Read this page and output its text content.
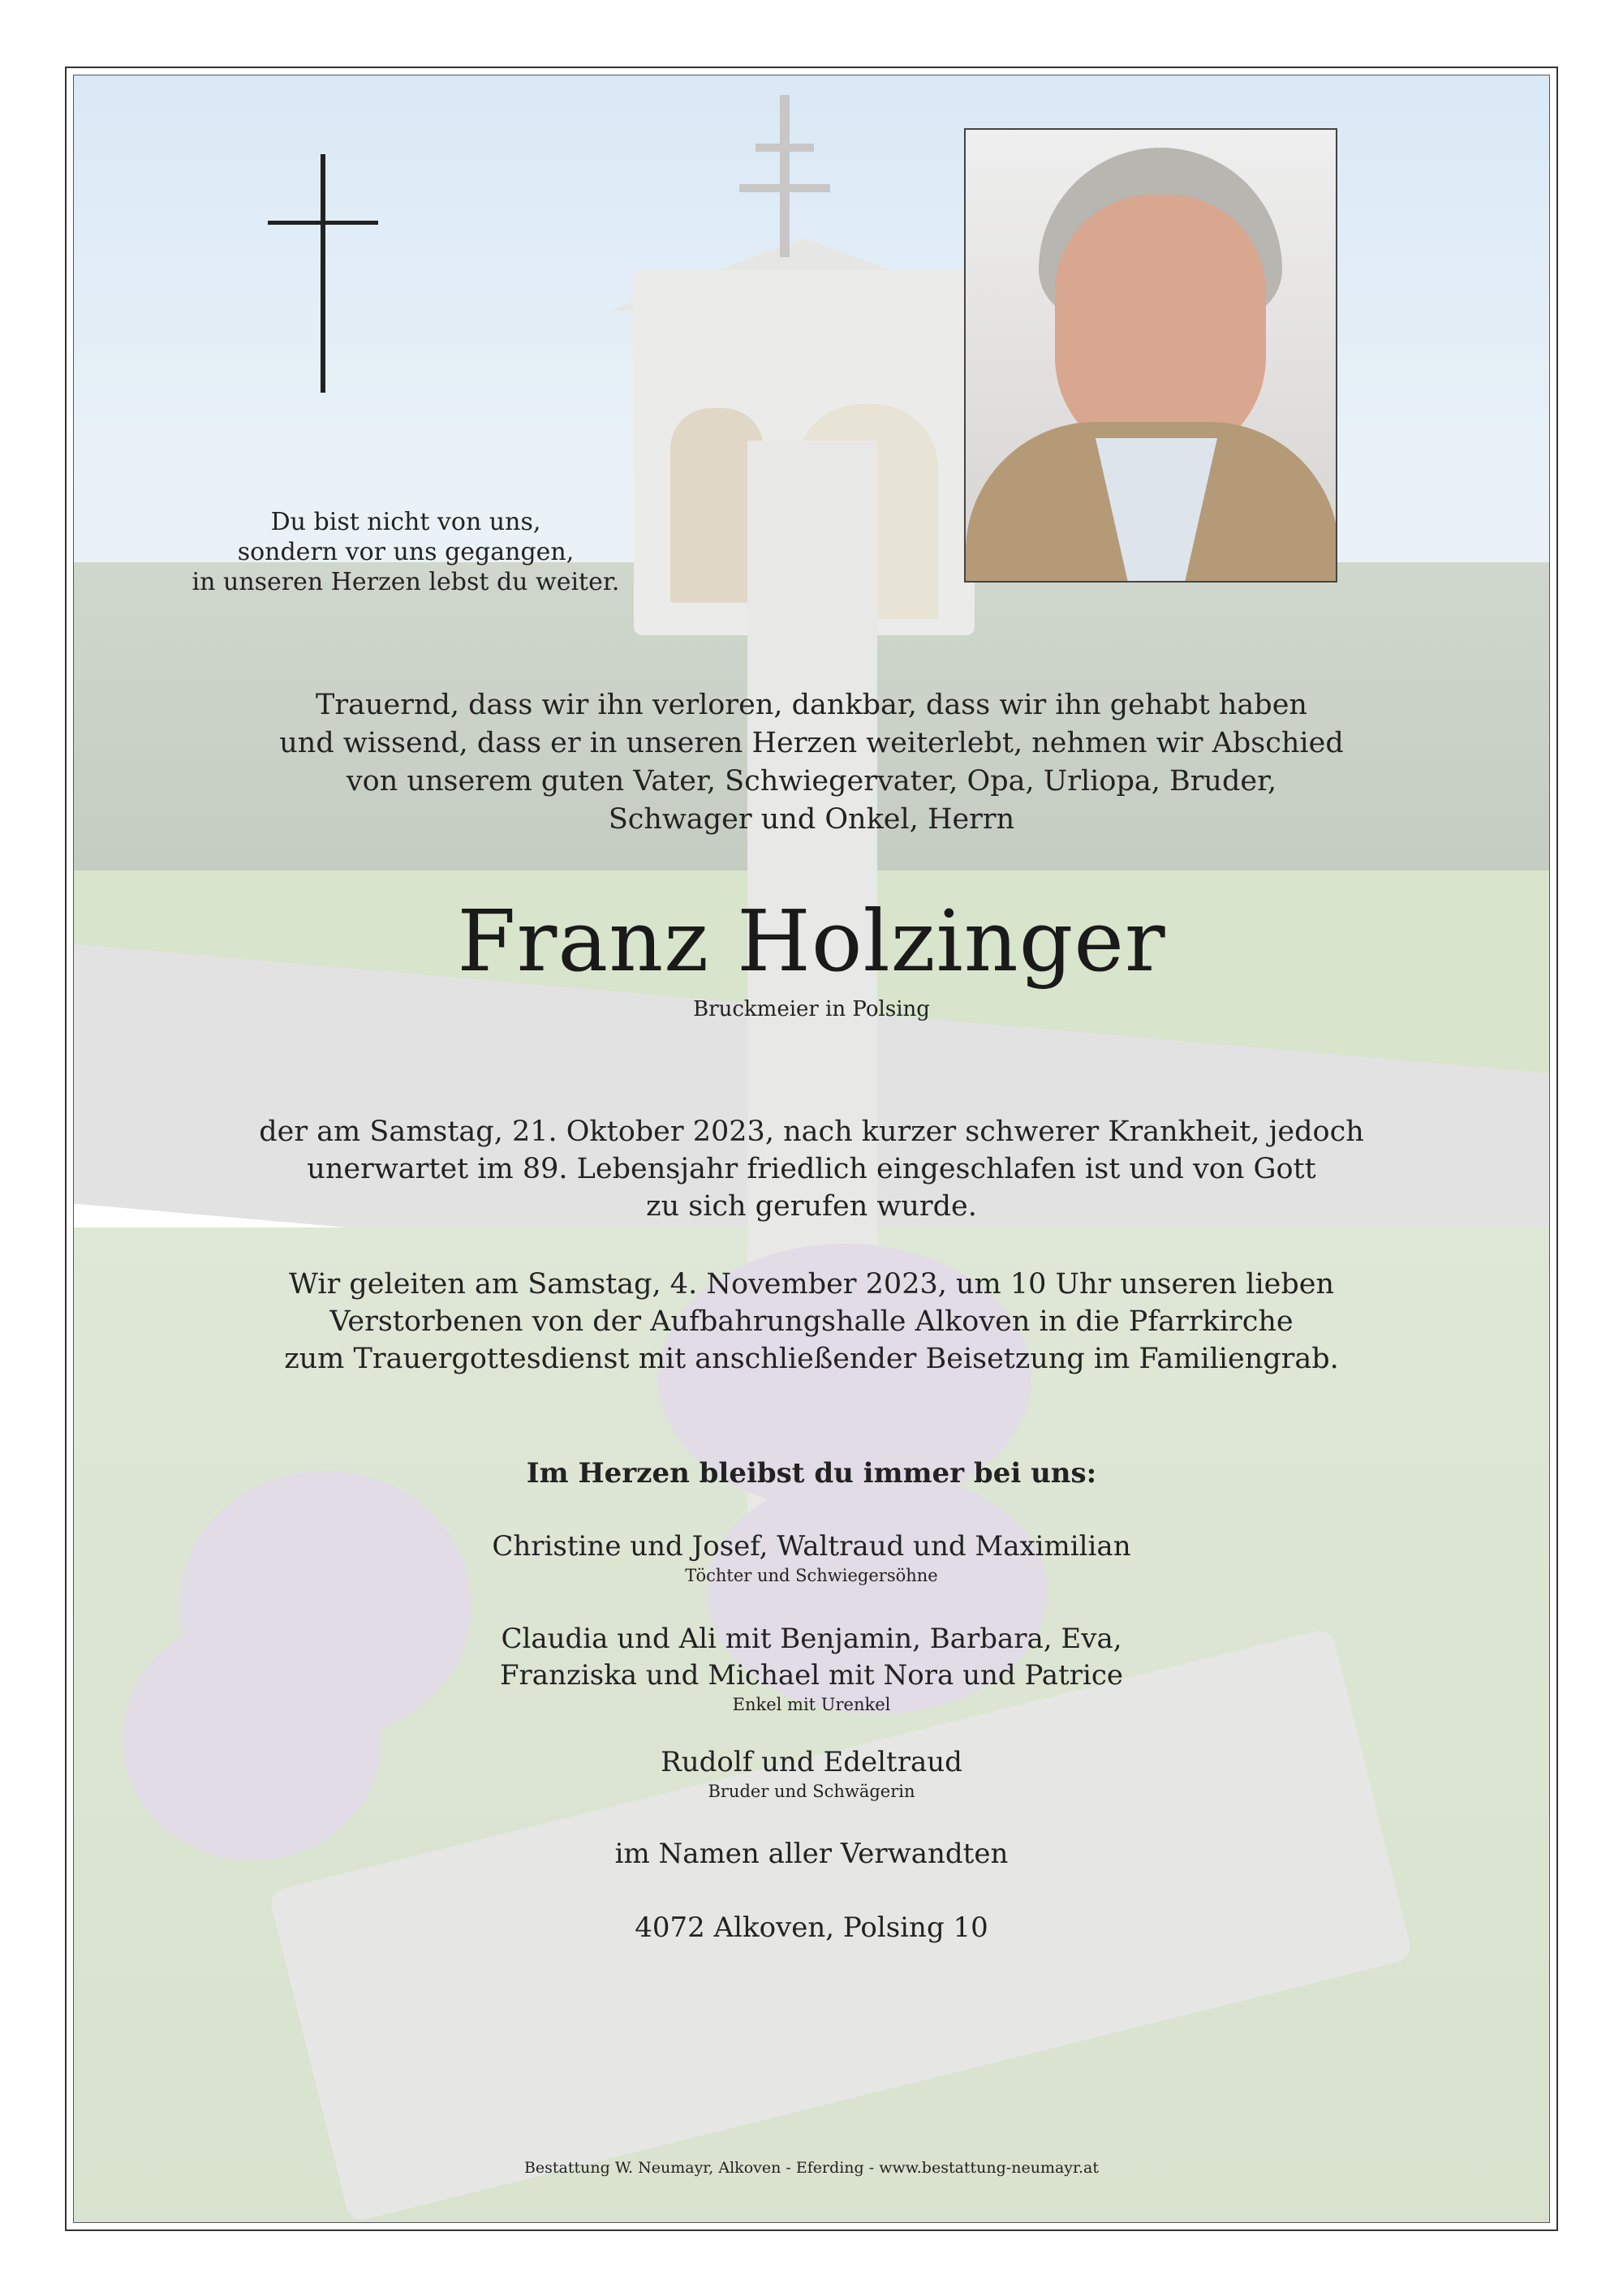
Du bist nicht von uns,
sondern vor uns gegangen,
in unseren Herzen lebst du weiter.
Trauernd, dass wir ihn verloren, dankbar, dass wir ihn gehabt haben
und wissend, dass er in unseren Herzen weiterlebt, nehmen wir Abschied
von unserem guten Vater, Schwiegervater, Opa, Urliopa, Bruder,
Schwager und Onkel, Herrn
Franz Holzinger
Bruckmeier in Polsing
der am Samstag, 21. Oktober 2023, nach kurzer schwerer Krankheit, jedoch
unerwartet im 89. Lebensjahr friedlich eingeschlafen ist und von Gott
zu sich gerufen wurde.
Wir geleiten am Samstag, 4. November 2023, um 10 Uhr unseren lieben
Verstorbenen von der Aufbahrungshalle Alkoven in die Pfarrkirche
zum Trauergottesdienst mit anschließender Beisetzung im Familiengrab.
Im Herzen bleibst du immer bei uns:
Christine und Josef, Waltraud und Maximilian
Töchter und Schwiegersöhne
Claudia und Ali mit Benjamin, Barbara, Eva,
Franziska und Michael mit Nora und Patrice
Enkel mit Urenkel
Rudolf und Edeltraud
Bruder und Schwägerin
im Namen aller Verwandten
4072 Alkoven, Polsing 10
Bestattung W. Neumayr, Alkoven - Eferding - www.bestattung-neumayr.at
